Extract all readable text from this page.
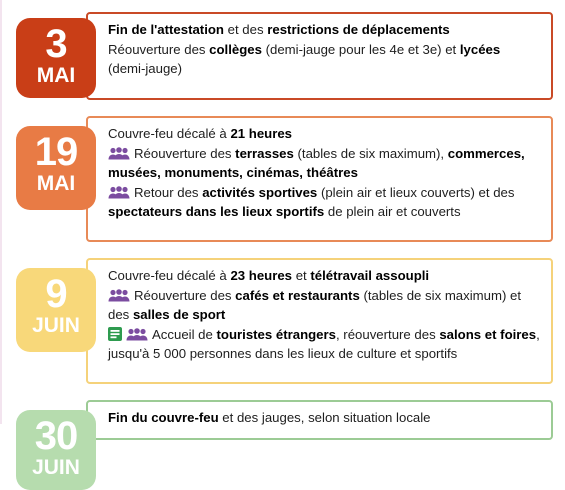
Fin de l'attestation et des restrictions de déplacements

Réouverture des collèges (demi-jauge pour les 4e et 3e) et lycées (demi-jauge)

3
MAI

Couvre-feu décalé à 21 heures

Réouverture des terrasses (tables de six maximum), commerces, musées, monuments, cinémas, théâtres

Retour des activités sportives (plein air et lieux couverts) et des spectateurs dans les lieux sportifs de plein air et couverts

19
MAI

Couvre-feu décalé à 23 heures et télétravail assoupli

Réouverture des cafés et restaurants (tables de six maximum) et des salles de sport

Accueil de touristes étrangers, réouverture des salons et foires, jusqu'à 5 000 personnes dans les lieux de culture et sportifs

9
JUIN

Fin du couvre-feu et des jauges, selon situation locale

30
JUIN
